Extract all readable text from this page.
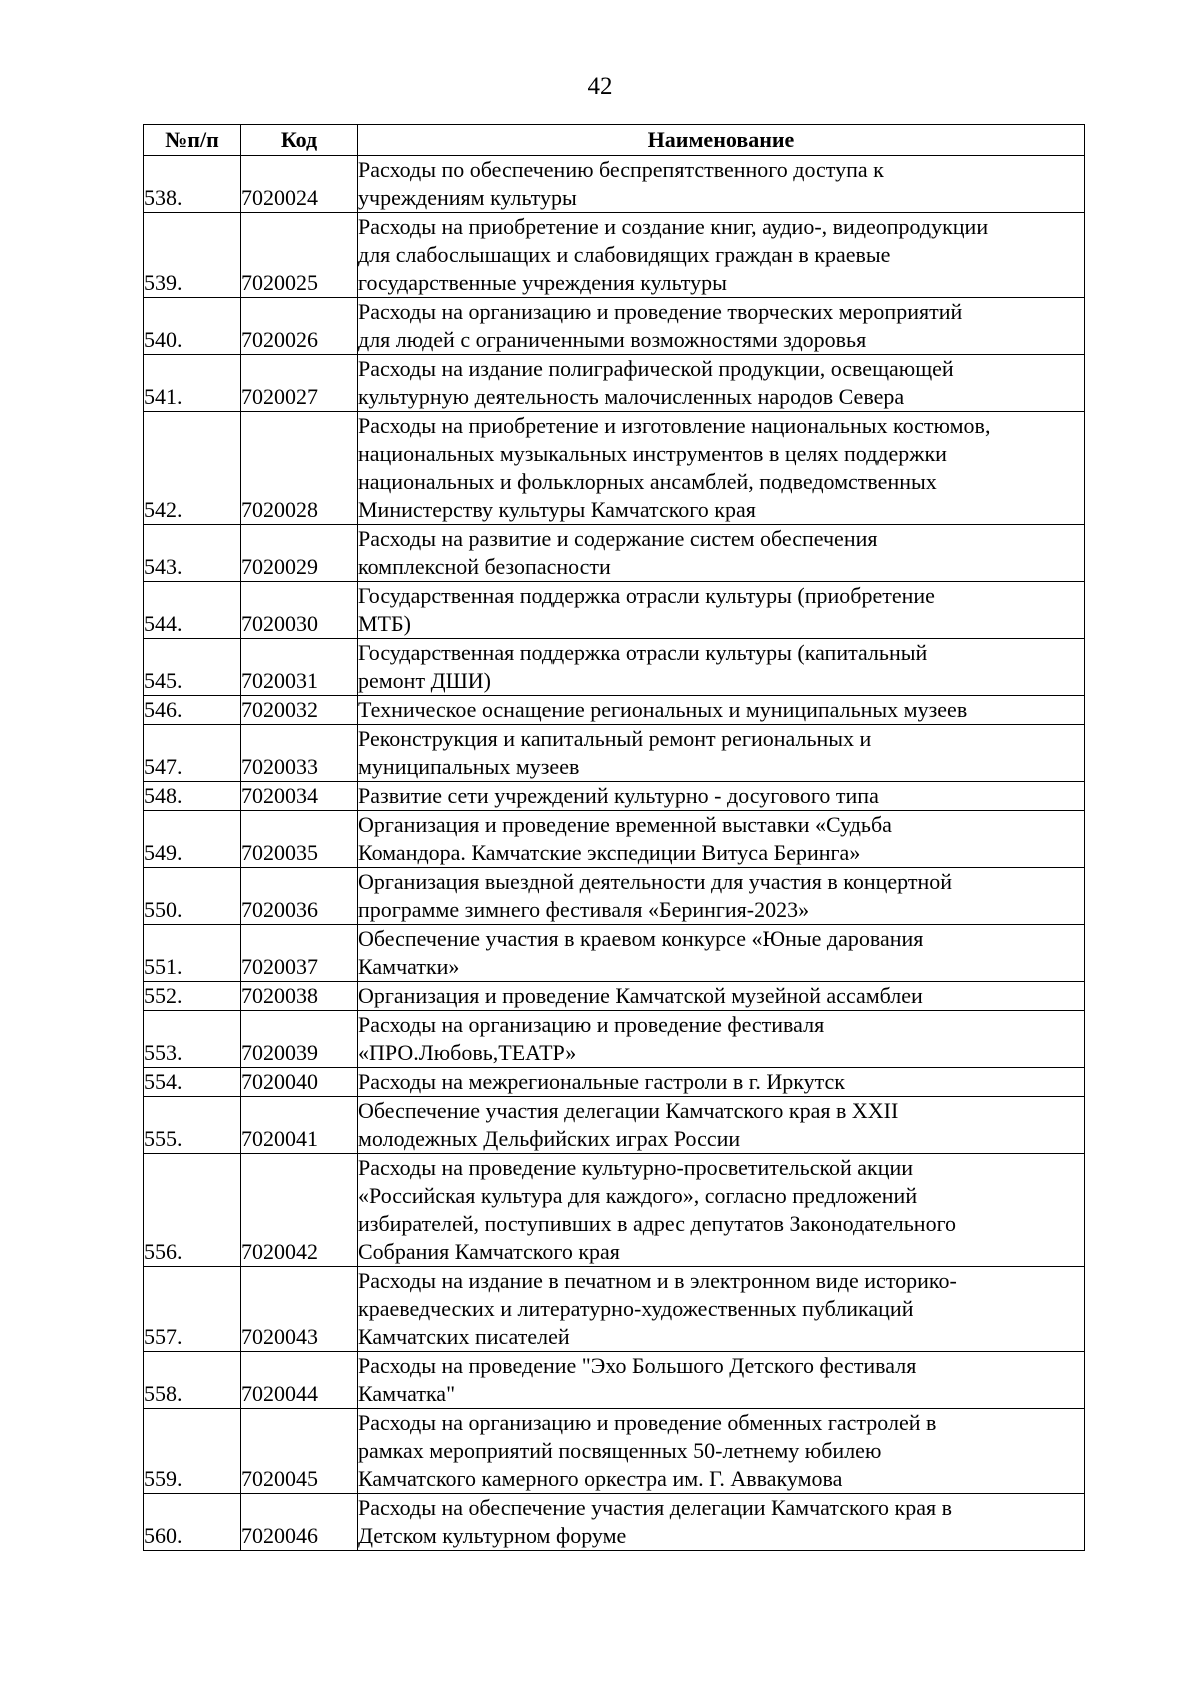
42
№п/п	Код	Наименование
538.	7020024	Расходы по обеспечению беспрепятственного доступа к
учреждениям культуры

539.	7020025	Расходы на приобретение и создание книг, аудио-, видеопродукции
для слабослышащих и слабовидящих граждан в краевые
государственные учреждения культуры

540.	7020026	Расходы на организацию и проведение творческих мероприятий
для людей с ограниченными возможностями здоровья

541.	7020027	Расходы на издание полиграфической продукции, освещающей
культурную деятельность малочисленных народов Севера

542.	7020028	Расходы на приобретение и изготовление национальных костюмов,
национальных музыкальных инструментов в целях поддержки
национальных и фольклорных ансамблей, подведомственных
Министерству культуры Камчатского края

543.	7020029	Расходы на развитие и содержание систем обеспечения
комплексной безопасности

544.	7020030	Государственная поддержка отрасли культуры (приобретение
МТБ)

545.	7020031	Государственная поддержка отрасли культуры (капитальный
ремонт ДШИ)

546.	7020032	Техническое оснащение региональных и муниципальных музеев

547.	7020033	Реконструкция и капитальный ремонт региональных и
муниципальных музеев

548.	7020034	Развитие сети учреждений культурно - досугового типа

549.	7020035	Организация и проведение временной выставки «Судьба
Командора. Камчатские экспедиции Витуса Беринга»

550.	7020036	Организация выездной деятельности для участия в концертной
программе зимнего фестиваля «Берингия-2023»

551.	7020037	Обеспечение участия в краевом конкурсе «Юные дарования
Камчатки»

552.	7020038	Организация и проведение Камчатской музейной ассамблеи

553.	7020039	Расходы на организацию и проведение фестиваля
«ПРО.Любовь,ТЕАТР»

554.	7020040	Расходы на межрегиональные гастроли в г. Иркутск

555.	7020041	Обеспечение участия делегации Камчатского края в XXII
молодежных Дельфийских играх России

556.	7020042	Расходы на проведение культурно-просветительской акции
«Российская культура для каждого», согласно предложений
избирателей, поступивших в адрес депутатов Законодательного
Собрания Камчатского края

557.	7020043	Расходы на издание в печатном и в электронном виде историко-
краеведческих и литературно-художественных публикаций
Камчатских писателей

558.	7020044	Расходы на проведение "Эхо Большого Детского фестиваля
Камчатка"

559.	7020045	Расходы на организацию и проведение обменных гастролей в
рамках мероприятий посвященных 50-летнему юбилею
Камчатского камерного оркестра им. Г. Аввакумова

560.	7020046	Расходы на обеспечение участия делегации Камчатского края в
Детском культурном форуме
